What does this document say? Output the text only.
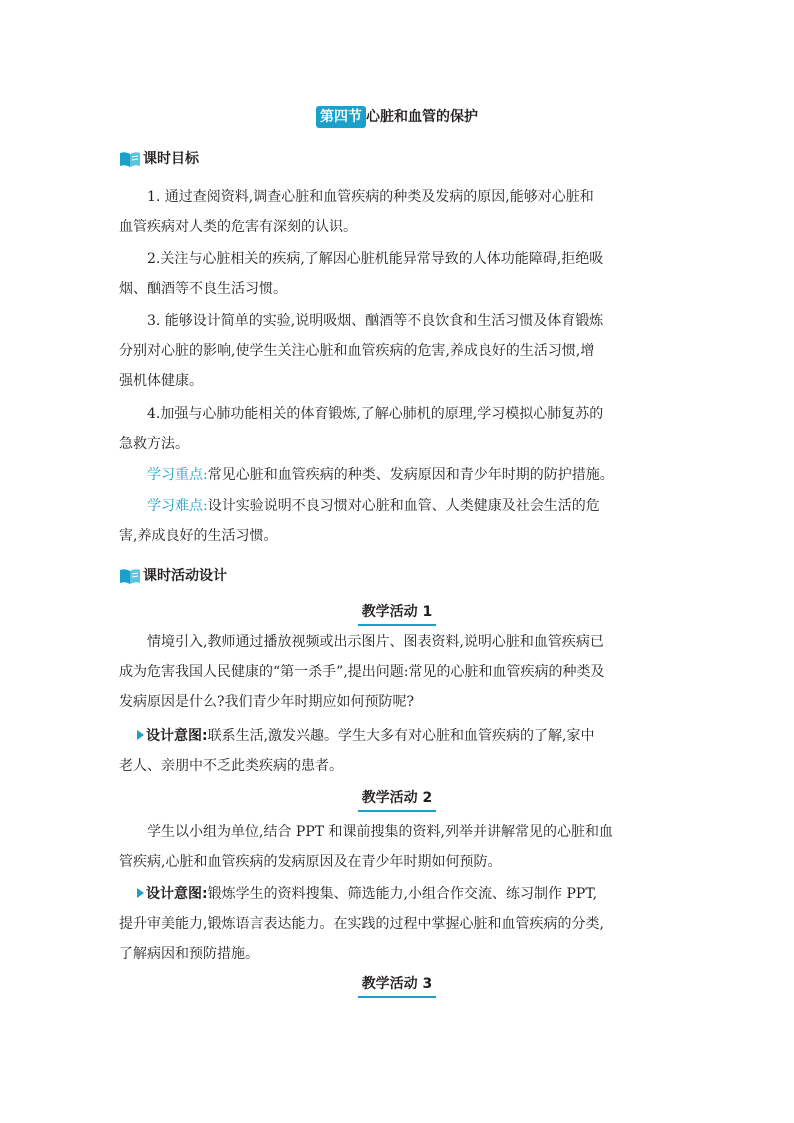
第四节 心脏和血管的保护
课时目标
1. 通过查阅资料,调查心脏和血管疾病的种类及发病的原因,能够对心脏和
血管疾病对人类的危害有深刻的认识。
2.关注与心脏相关的疾病,了解因心脏机能异常导致的人体功能障碍,拒绝吸
烟、酗酒等不良生活习惯。
3. 能够设计简单的实验,说明吸烟、酗酒等不良饮食和生活习惯及体育锻炼
分别对心脏的影响,使学生关注心脏和血管疾病的危害,养成良好的生活习惯,增
强机体健康。
4.加强与心肺功能相关的体育锻炼,了解心肺机的原理,学习模拟心肺复苏的
急救方法。
学习重点:常见心脏和血管疾病的种类、发病原因和青少年时期的防护措施。
学习难点:设计实验说明不良习惯对心脏和血管、人类健康及社会生活的危
害,养成良好的生活习惯。
课时活动设计
教学活动 1
情境引入,教师通过播放视频或出示图片、图表资料,说明心脏和血管疾病已
成为危害我国人民健康的“第一杀手”,提出问题:常见的心脏和血管疾病的种类及
发病原因是什么?我们青少年时期应如何预防呢?
设计意图:联系生活,激发兴趣。学生大多有对心脏和血管疾病的了解,家中
老人、亲朋中不乏此类疾病的患者。
教学活动 2
学生以小组为单位,结合 PPT 和课前搜集的资料,列举并讲解常见的心脏和血
管疾病,心脏和血管疾病的发病原因及在青少年时期如何预防。
设计意图:锻炼学生的资料搜集、筛选能力,小组合作交流、练习制作 PPT,
提升审美能力,锻炼语言表达能力。在实践的过程中掌握心脏和血管疾病的分类,
了解病因和预防措施。
教学活动 3
